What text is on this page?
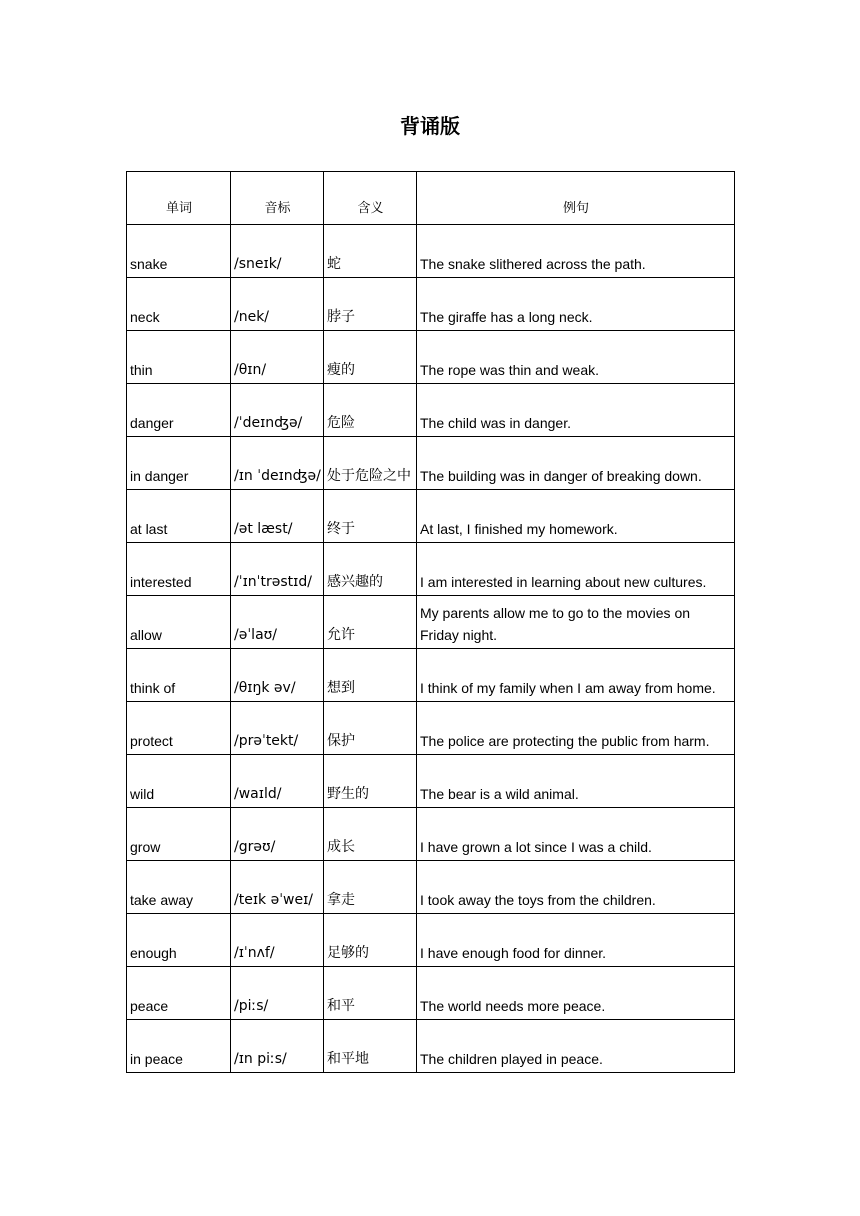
背诵版
单词	音标	含义	例句
snake	/sneɪk/	蛇	The snake slithered across the path.
neck	/nek/	脖子	The giraffe has a long neck.
thin	/θɪn/	瘦的	The rope was thin and weak.
danger	/ˈdeɪnʤə/	危险	The child was in danger.
in danger	/ɪn ˈdeɪnʤə/	处于危险之中	The building was in danger of breaking down.
at last	/ət læst/	终于	At last, I finished my homework.
interested	/ˈɪnˈtrəstɪd/	感兴趣的	I am interested in learning about new cultures.
allow	/əˈlaʊ/	允许	My parents allow me to go to the movies on Friday night.
think of	/θɪŋk əv/	想到	I think of my family when I am away from home.
protect	/prəˈtekt/	保护	The police are protecting the public from harm.
wild	/waɪld/	野生的	The bear is a wild animal.
grow	/grəʊ/	成长	I have grown a lot since I was a child.
take away	/teɪk əˈweɪ/	拿走	I took away the toys from the children.
enough	/ɪˈnʌf/	足够的	I have enough food for dinner.
peace	/piːs/	和平	The world needs more peace.
in peace	/ɪn piːs/	和平地	The children played in peace.
